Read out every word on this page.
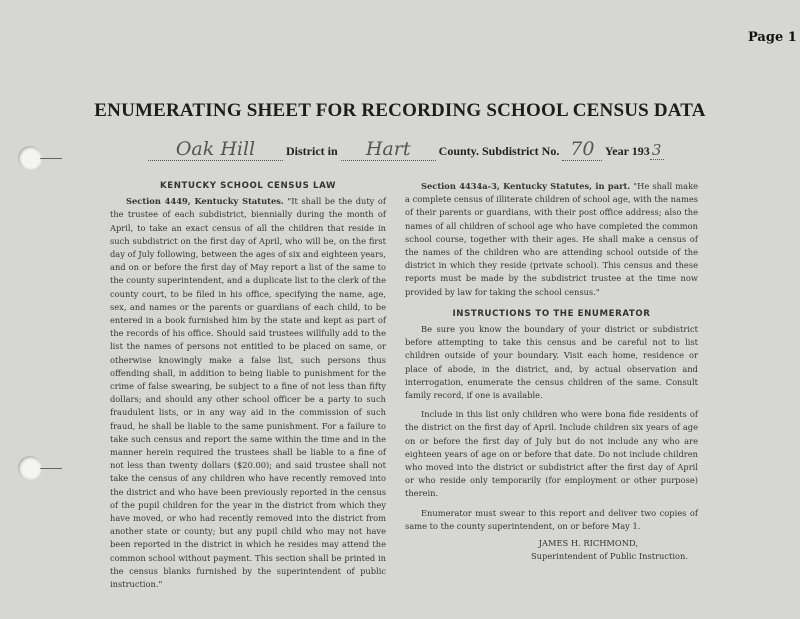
Page 1
ENUMERATING SHEET FOR RECORDING SCHOOL CENSUS DATA
Oak Hill	District in Hart County. Subdistrict No. 70 Year 193 3
KENTUCKY SCHOOL CENSUS LAW

Section 4449, Kentucky Statutes. "It shall be the duty of the trustee of each subdistrict, biennially during the month of April, to take an exact census of all the children that reside in such subdistrict on the first day of April, who will be, on the first day of July following, between the ages of six and eighteen years, and on or before the first day of May report a list of the same to the county superintendent, and a duplicate list to the clerk of the county court, to be filed in his office, specifying the name, age, sex, and names or the parents or guardians of each child, to be entered in a book furnished him by the state and kept as part of the records of his office. Should said trustees willfully add to the list the names of persons not entitled to be placed on same, or otherwise knowingly make a false list, such persons thus offending shall, in addition to being liable to punishment for the crime of false swearing, be subject to a fine of not less than fifty dollars; and should any other school officer be a party to such fraudulent lists, or in any way aid in the commission of such fraud, he shall be liable to the same punishment. For a failure to take such census and report the same within the time and in the manner herein required the trustees shall be liable to a fine of not less than twenty dollars ($20.00); and said trustee shall not take the census of any children who have recently removed into the district and who have been previously reported in the census of the pupil children for the year in the district from which they have moved, or who had recently removed into the district from another state or county; but any pupil child who may not have been reported in the district in which he resides may attend the common school without payment. This section shall be printed in the census blanks furnished by the superintendent of public instruction."

Section 4434a-3, Kentucky Statutes, in part. "He shall make a complete census of illiterate children of school age, with the names of their parents or guardians, with their post office address; also the names of all children of school age who have completed the common school course, together with their ages. He shall make a census of the names of the children who are attending school outside of the district in which they reside (private school). This census and these reports must be made by the subdistrict trustee at the time now provided by law for taking the school census."

INSTRUCTIONS TO THE ENUMERATOR

Be sure you know the boundary of your district or subdistrict before attempting to take this census and be careful not to list children outside of your boundary. Visit each home, residence or place of abode, in the district, and, by actual observation and interrogation, enumerate the census children of the same. Consult family record, if one is available.

Include in this list only children who were bona fide residents of the district on the first day of April. Include children six years of age on or before the first day of July but do not include any who are eighteen years of age on or before that date. Do not include children who moved into the district or subdistrict after the first day of April or who reside only temporarily (for employment or other purpose) therein.

Enumerator must swear to this report and deliver two copies of same to the county superintendent, on or before May 1.

JAMES H. RICHMOND,
Superintendent of Public Instruction.
